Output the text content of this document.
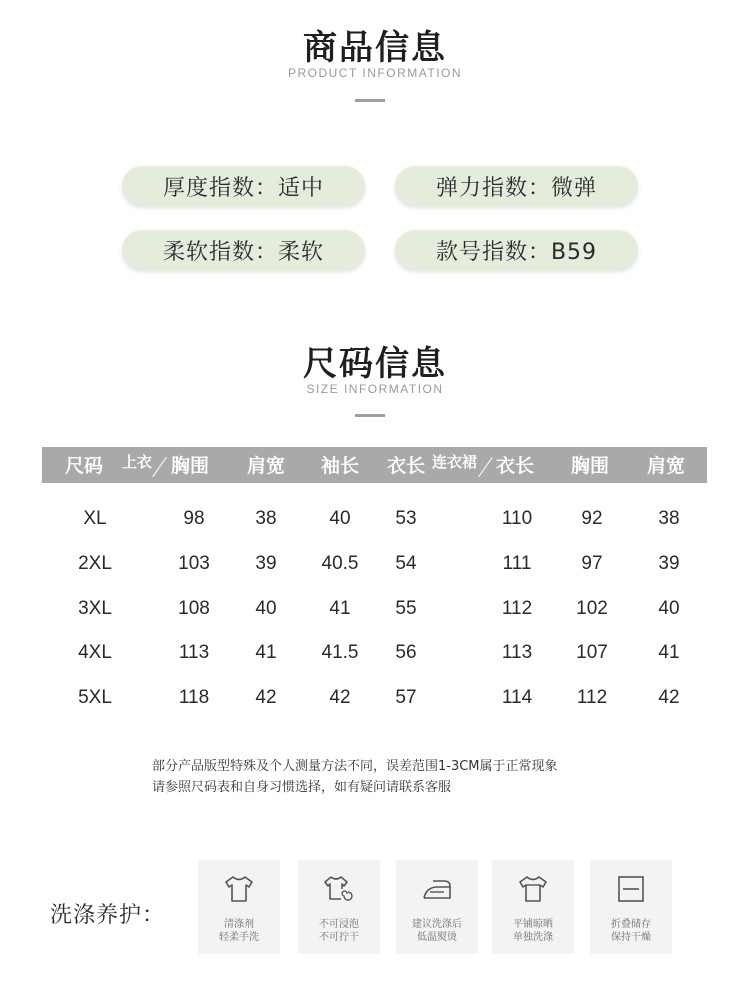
商品信息
PRODUCT INFORMATION
厚度指数：适中	弹力指数：微弹
柔软指数：柔软	款号指数：B59
尺码信息
SIZE INFORMATION
尺码	上衣 胸围	肩宽	袖长	衣长 连衣裙 衣长	胸围	肩宽
XL	98	38	40	53	110	92	38
2XL	103	39	40.5	54	111	97	39
3XL	108	40	41	55	112	102	40
4XL	113	41	41.5	56	113	107	41
5XL	118	42	42	57	114	112	42
部分产品版型特殊及个人测量方法不同，误差范围1-3CM属于正常现象
请参照尺码表和自身习惯选择，如有疑问请联系客服
洗涤养护：	清涤剂
轻柔手洗
不可浸泡
不可拧干
建议洗涤后
低温熨烫
平铺晾晒
单独洗涤
折叠储存
保持干燥
